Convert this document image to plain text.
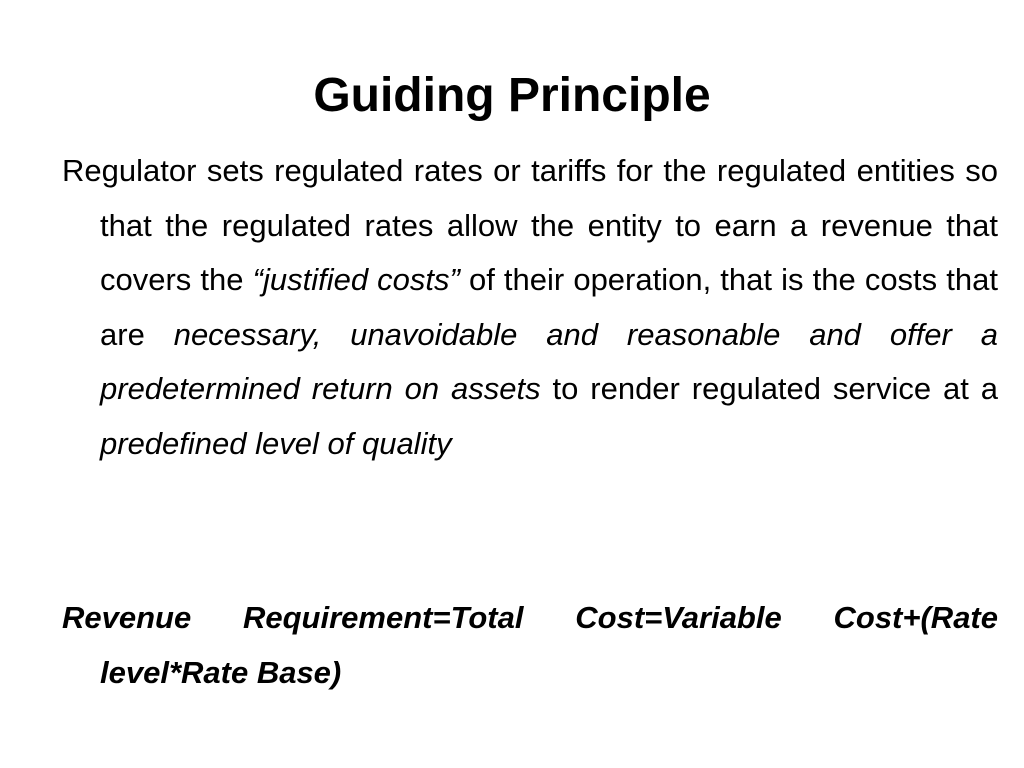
Guiding Principle
Regulator sets regulated rates or tariffs for the regulated entities so that the regulated rates allow the entity to earn a revenue that covers the “justified costs” of their operation, that is the costs that are necessary, unavoidable and reasonable and offer a predetermined return on assets to render regulated service at a predefined level of quality
Revenue Requirement=Total Cost=Variable Cost+(Rate level*Rate Base)
